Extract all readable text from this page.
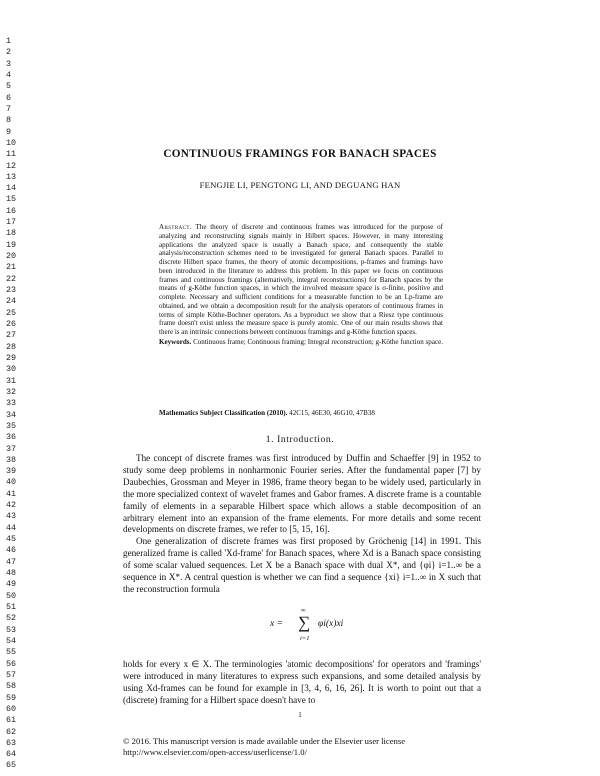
1
2
3
4
5
6
7
8
9
10
11
12
13
14
15
16
17
18
19
20
21
22
23
24
25
26
27
28
29
30
31
32
33
34
35
36
37
38
39
40
41
42
43
44
45
46
47
48
49
50
51
52
53
54
55
56
57
58
59
60
61
62
63
64
65
CONTINUOUS FRAMINGS FOR BANACH SPACES
FENGJIE LI, PENGTONG LI, AND DEGUANG HAN

Abstract. The theory of discrete and continuous frames was introduced for the purpose of analyzing and reconstructing signals mainly in Hilbert spaces. However, in many interesting applications the analyzed space is usually a Banach space, and consequently the stable analysis/reconstruction schemes need to be investigated for general Banach spaces. Parallel to discrete Hilbert space frames, the theory of atomic decompositions, p-frames and framings have been introduced in the literature to address this problem. In this paper we focus on continuous frames and continuous framings (alternatively, integral reconstructions) for Banach spaces by the means of g-Köthe function spaces, in which the involved measure space is σ-finite, positive and complete. Necessary and sufficient conditions for a measurable function to be an Lp-frame are obtained, and we obtain a decomposition result for the analysis operators of continuous frames in terms of simple Köthe-Bochner operators. As a byproduct we show that a Riesz type continuous frame doesn't exist unless the measure space is purely atomic. One of our main results shows that there is an intrinsic connections between continuous framings and g-Köthe function spaces.

Keywords. Continuous frame; Continuous framing; Integral reconstruction; g-Köthe function space.

Mathematics Subject Classification (2010). 42C15, 46E30, 46G10, 47B38
1. Introduction.

The concept of discrete frames was first introduced by Duffin and Schaeffer [9] in 1952 to study some deep problems in nonharmonic Fourier series. After the fundamental paper [7] by Daubechies, Grossman and Meyer in 1986, frame theory began to be widely used, particularly in the more specialized context of wavelet frames and Gabor frames. A discrete frame is a countable family of elements in a separable Hilbert space which allows a stable decomposition of an arbitrary element into an expansion of the frame elements. For more details and some recent developments on discrete frames, we refer to [5, 15, 16].

One generalization of discrete frames was first proposed by Gröchenig [14] in 1991. This generalized frame is called 'Xd-frame' for Banach spaces, where Xd is a Banach space consisting of some scalar valued sequences. Let X be a Banach space with dual X*, and {φi} i=1..∞ be a sequence in X*. A central question is whether we can find a sequence {xi} i=1..∞ in X such that the reconstruction formula

x =
∞
∑
i=1
φi(x)xi

holds for every x ∈ X. The terminologies 'atomic decompositions' for operators and 'framings' were introduced in many literatures to express such expansions, and some detailed analysis by using Xd-frames can be found for example in [3, 4, 6, 16, 26]. It is worth to point out that a (discrete) framing for a Hilbert space doesn't have to

1
© 2016. This manuscript version is made available under the Elsevier user license
http://www.elsevier.com/open-access/userlicense/1.0/
